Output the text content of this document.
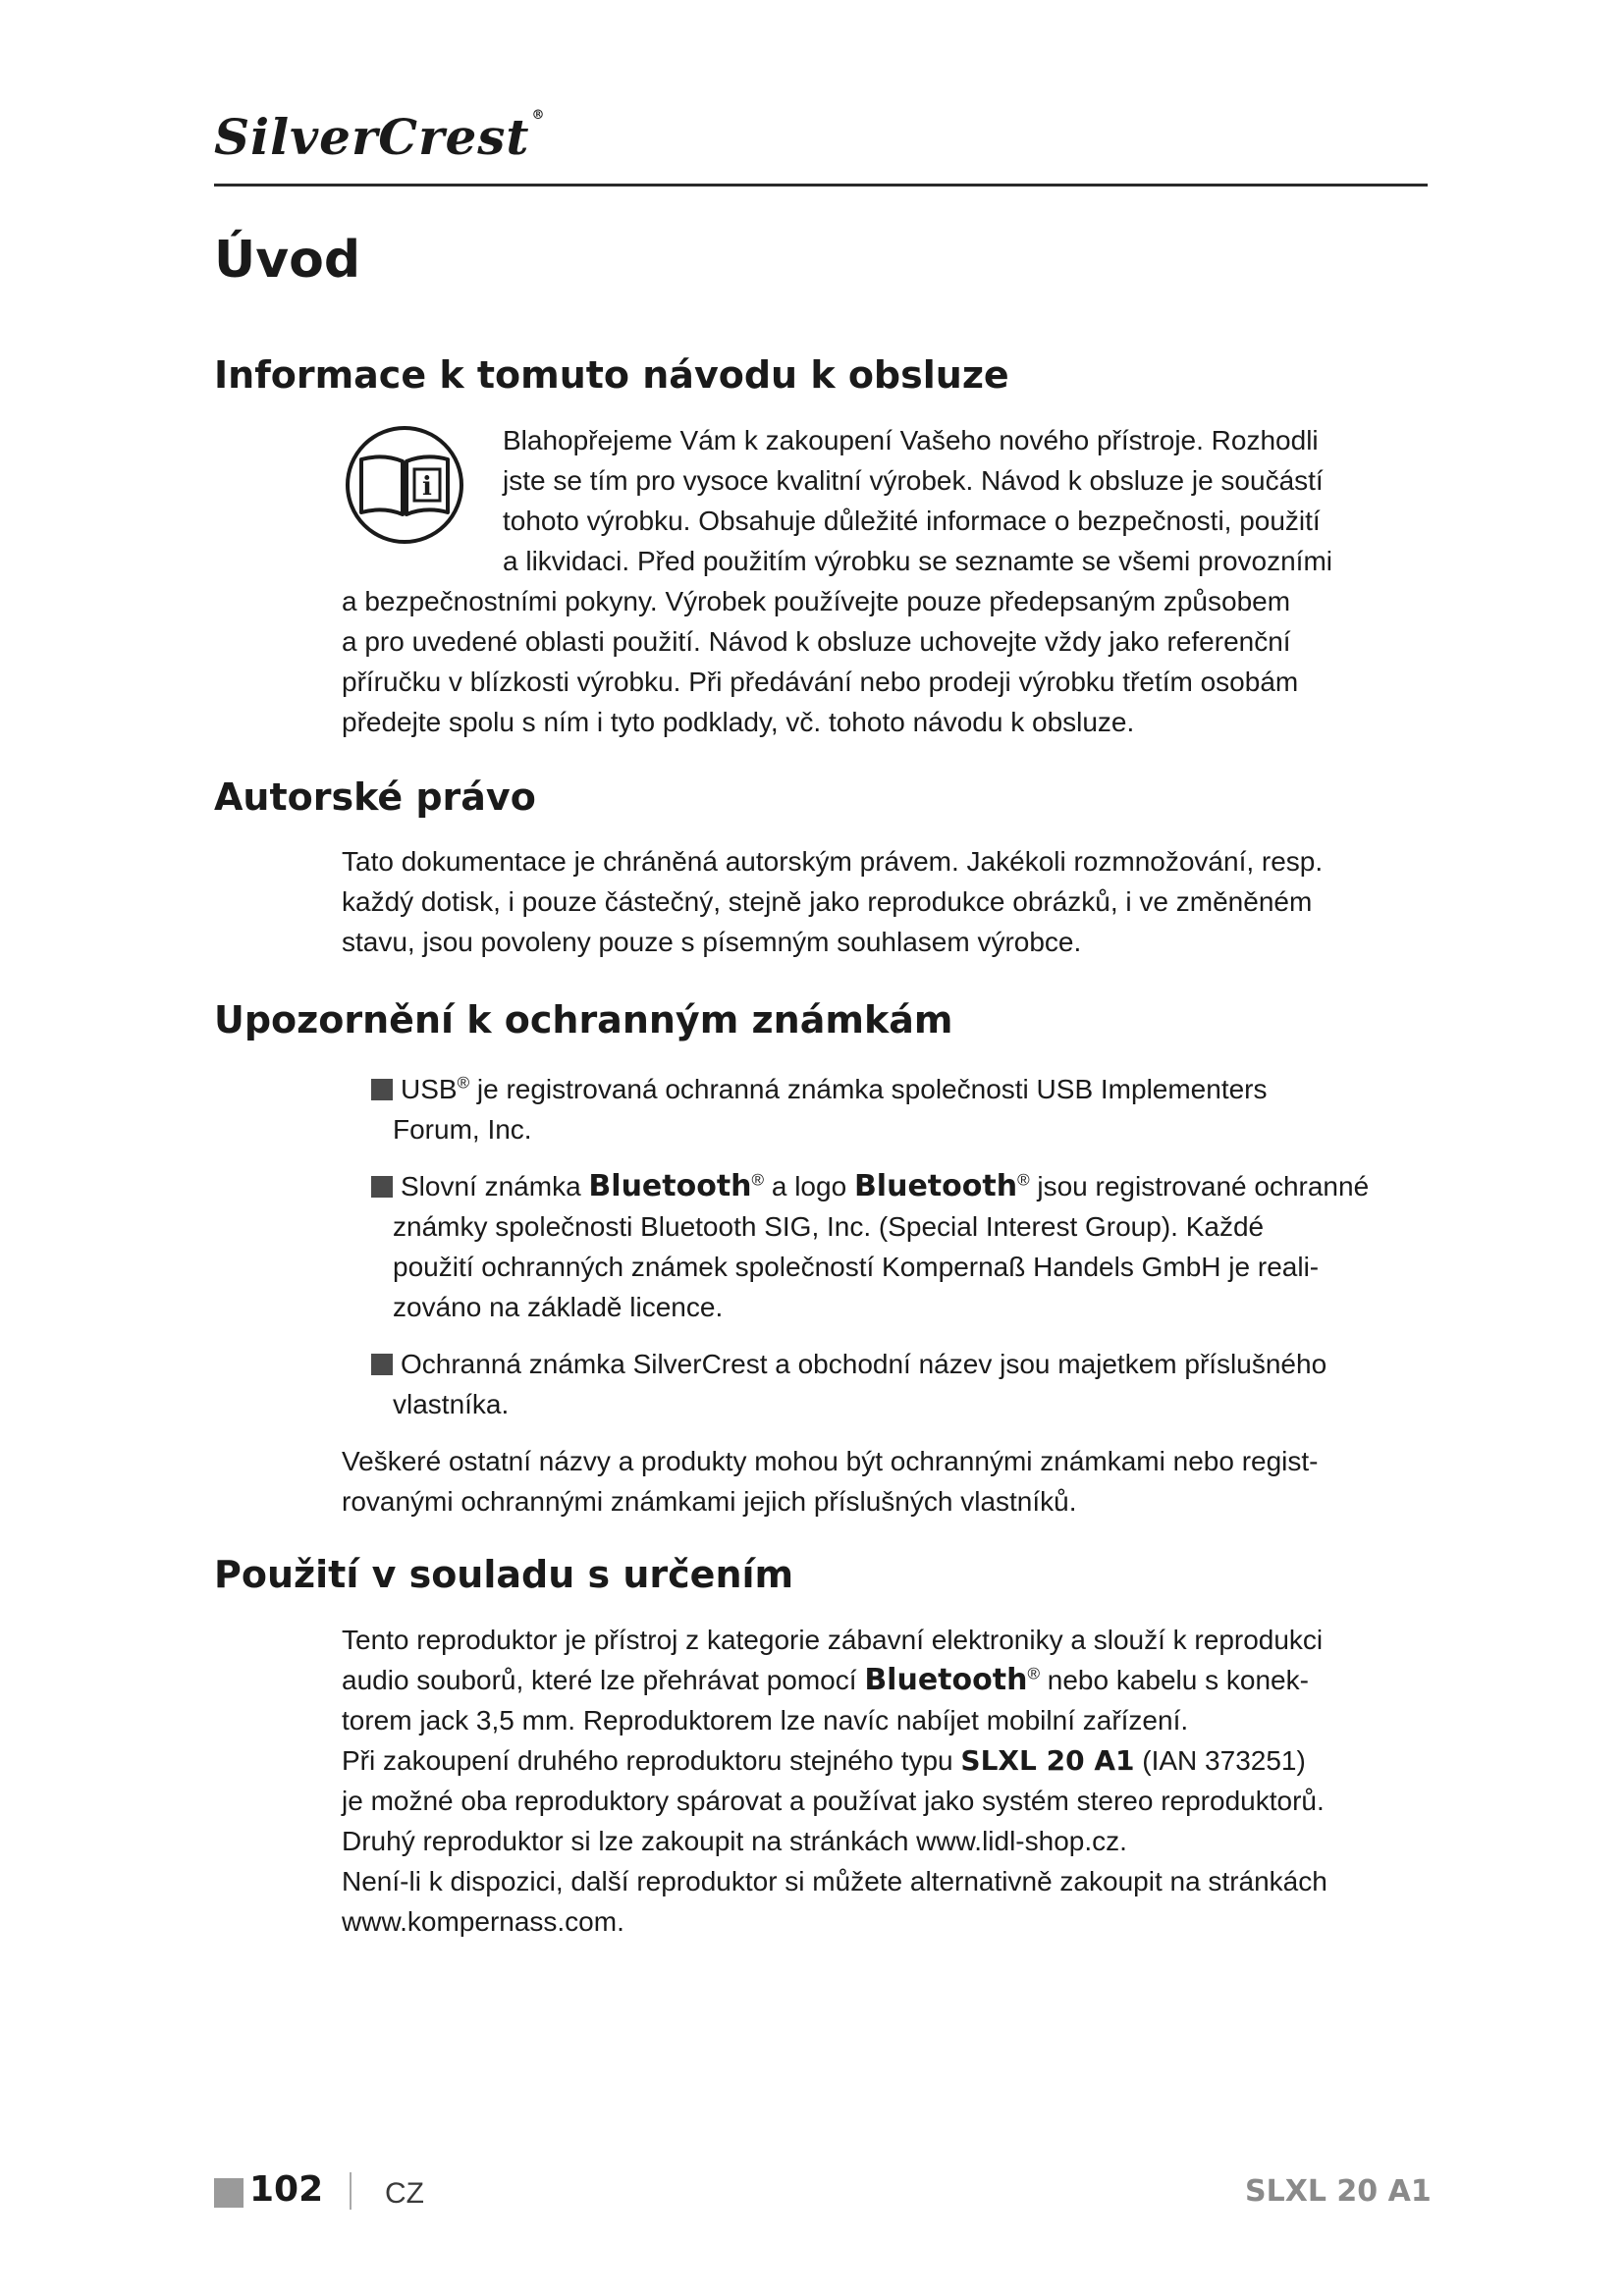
SilverCrest ®
Úvod
Informace k tomuto návodu k obsluze
i
Blahopřejeme Vám k zakoupení Vašeho nového přístroje. Rozhodli
jste se tím pro vysoce kvalitní výrobek. Návod k obsluze je součástí
tohoto výrobku. Obsahuje důležité informace o bezpečnosti, použití
a likvidaci. Před použitím výrobku se seznamte se všemi provozními
a bezpečnostními pokyny. Výrobek používejte pouze předepsaným způsobem
a pro uvedené oblasti použití. Návod k obsluze uchovejte vždy jako referenční
příručku v blízkosti výrobku. Při předávání nebo prodeji výrobku třetím osobám
předejte spolu s ním i tyto podklady, vč. tohoto návodu k obsluze.
Autorské právo
Tato dokumentace je chráněná autorským právem. Jakékoli rozmnožování, resp.
každý dotisk, i pouze částečný, stejně jako reprodukce obrázků, i ve změněném
stavu, jsou povoleny pouze s písemným souhlasem výrobce.
Upozornění k ochranným známkám
USB® je registrovaná ochranná známka společnosti USB Implementers
Forum, Inc.
Slovní známka Bluetooth® a logo Bluetooth® jsou registrované ochranné
známky společnosti Bluetooth SIG, Inc. (Special Interest Group). Každé
použití ochranných známek společností Kompernaß Handels GmbH je reali-
zováno na základě licence.
Ochranná známka SilverCrest a obchodní název jsou majetkem příslušného
vlastníka.
Veškeré ostatní názvy a produkty mohou být ochrannými známkami nebo regist-
rovanými ochrannými známkami jejich příslušných vlastníků.
Použití v souladu s určením
Tento reproduktor je přístroj z kategorie zábavní elektroniky a slouží k reprodukci
audio souborů, které lze přehrávat pomocí Bluetooth® nebo kabelu s konek-
torem jack 3,5 mm. Reproduktorem lze navíc nabíjet mobilní zařízení.
Při zakoupení druhého reproduktoru stejného typu SLXL 20 A1 (IAN 373251)
je možné oba reproduktory spárovat a používat jako systém stereo reproduktorů.
Druhý reproduktor si lze zakoupit na stránkách www.lidl-shop.cz.
Není-li k dispozici, další reproduktor si můžete alternativně zakoupit na stránkách
www.kompernass.com.
102 CZ	SLXL 20 A1
